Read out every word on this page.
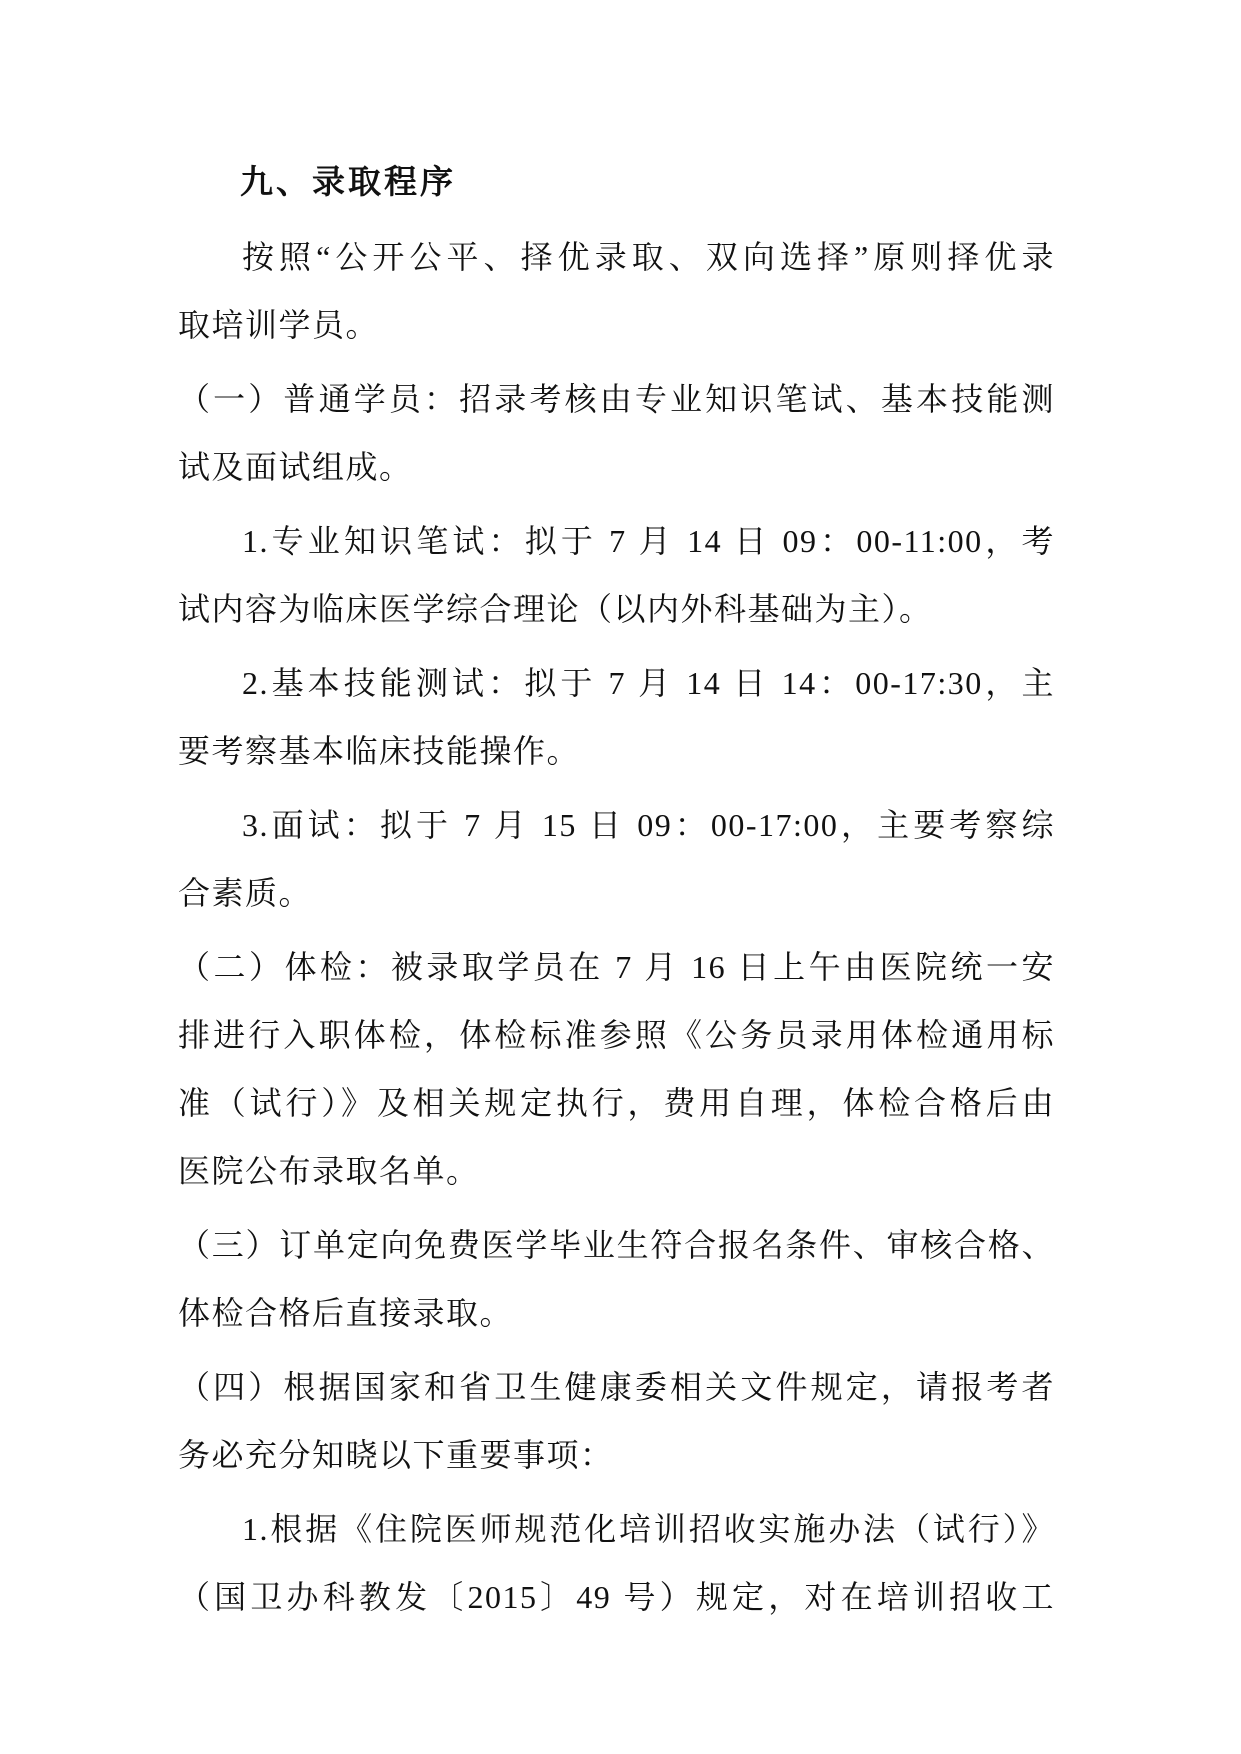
九、录取程序
按照“公开公平、择优录取、双向选择”原则择优录
取培训学员。
（一）普通学员：招录考核由专业知识笔试、基本技能测
试及面试组成。
1.专业知识笔试：拟于 7 月 14 日 09：00-11:00，考
试内容为临床医学综合理论（以内外科基础为主）。
2.基本技能测试：拟于 7 月 14 日 14：00-17:30，主
要考察基本临床技能操作。
3.面试：拟于 7 月 15 日 09：00-17:00，主要考察综
合素质。
（二）体检：被录取学员在 7 月 16 日上午由医院统一安
排进行入职体检，体检标准参照《公务员录用体检通用标
准（试行）》及相关规定执行，费用自理，体检合格后由
医院公布录取名单。
（三）订单定向免费医学毕业生符合报名条件、审核合格、
体检合格后直接录取。
（四）根据国家和省卫生健康委相关文件规定，请报考者
务必充分知晓以下重要事项：
1.根据《住院医师规范化培训招收实施办法（试行）》
（国卫办科教发〔2015〕49 号）规定，对在培训招收工
